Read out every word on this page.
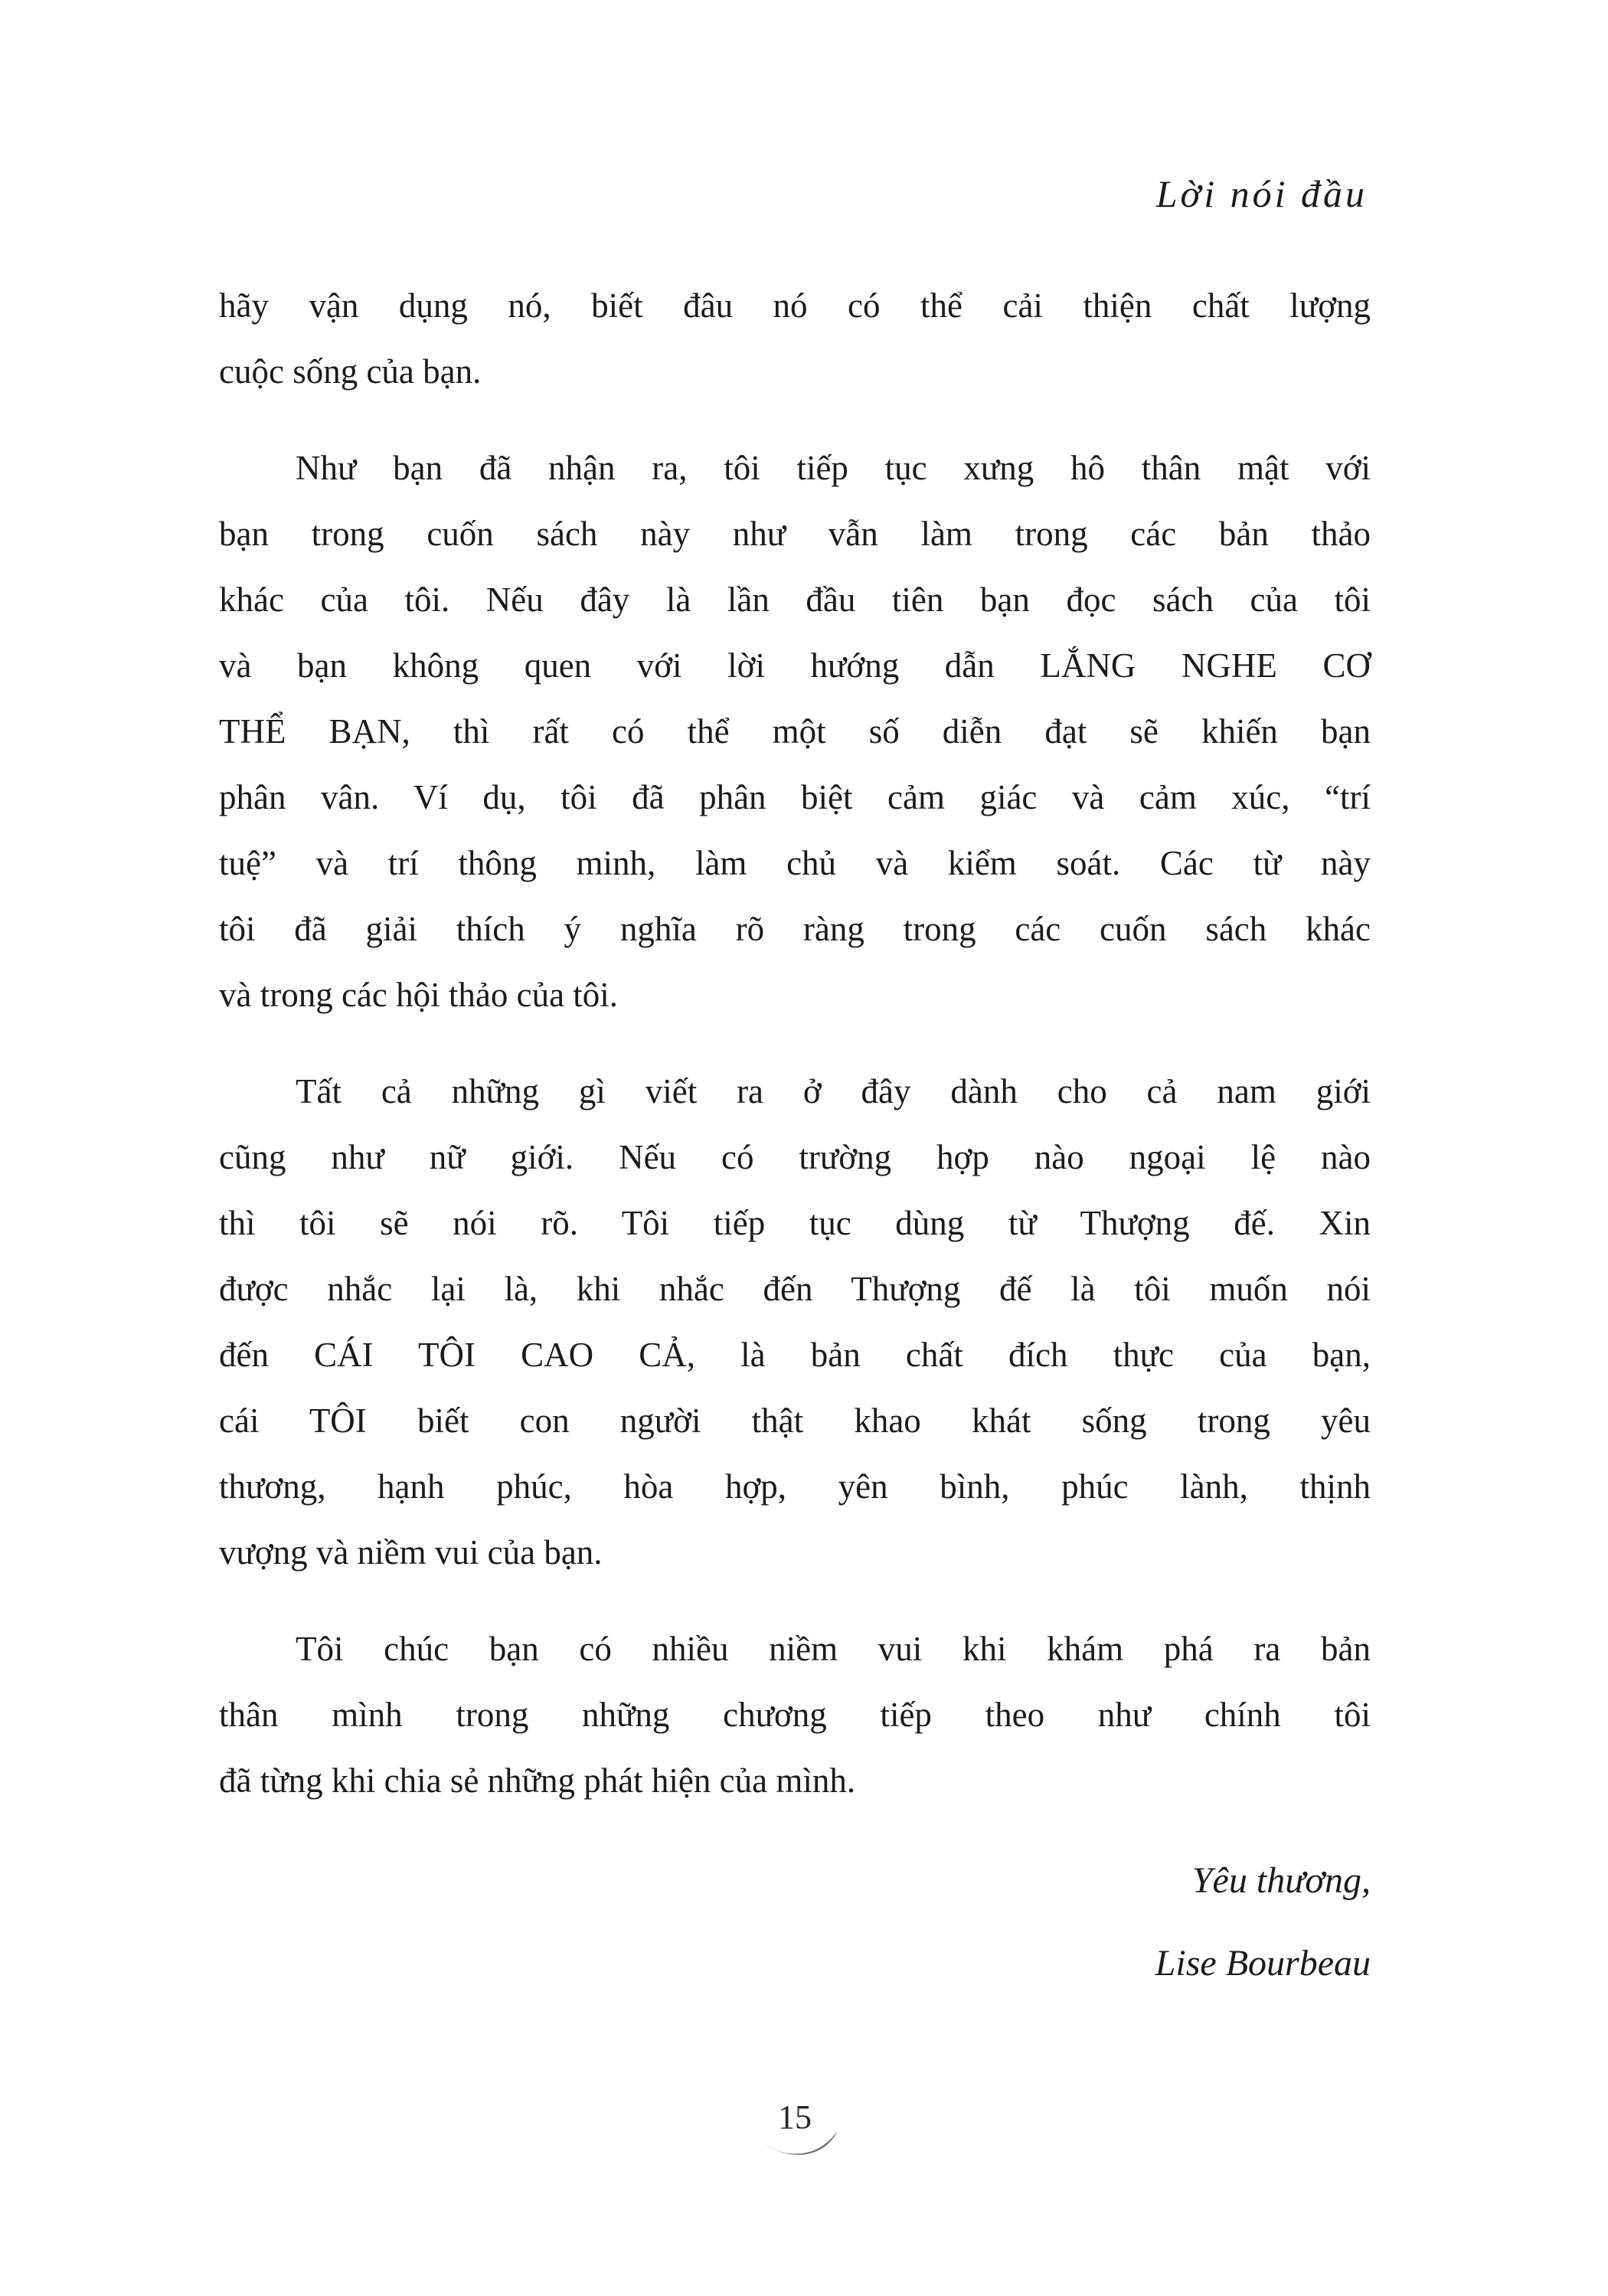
Lời nói đầu
hãy vận dụng nó, biết đâu nó có thể cải thiện chất lượng
cuộc sống của bạn.
Như bạn đã nhận ra, tôi tiếp tục xưng hô thân mật với
bạn trong cuốn sách này như vẫn làm trong các bản thảo
khác của tôi. Nếu đây là lần đầu tiên bạn đọc sách của tôi
và bạn không quen với lời hướng dẫn LẮNG NGHE CƠ
THỂ BẠN, thì rất có thể một số diễn đạt sẽ khiến bạn
phân vân. Ví dụ, tôi đã phân biệt cảm giác và cảm xúc, “trí
tuệ” và trí thông minh, làm chủ và kiểm soát. Các từ này
tôi đã giải thích ý nghĩa rõ ràng trong các cuốn sách khác
và trong các hội thảo của tôi.
Tất cả những gì viết ra ở đây dành cho cả nam giới
cũng như nữ giới. Nếu có trường hợp nào ngoại lệ nào
thì tôi sẽ nói rõ. Tôi tiếp tục dùng từ Thượng đế. Xin
được nhắc lại là, khi nhắc đến Thượng đế là tôi muốn nói
đến CÁI TÔI CAO CẢ, là bản chất đích thực của bạn,
cái TÔI biết con người thật khao khát sống trong yêu
thương, hạnh phúc, hòa hợp, yên bình, phúc lành, thịnh
vượng và niềm vui của bạn.
Tôi chúc bạn có nhiều niềm vui khi khám phá ra bản
thân mình trong những chương tiếp theo như chính tôi
đã từng khi chia sẻ những phát hiện của mình.
Yêu thương,
Lise Bourbeau
15
